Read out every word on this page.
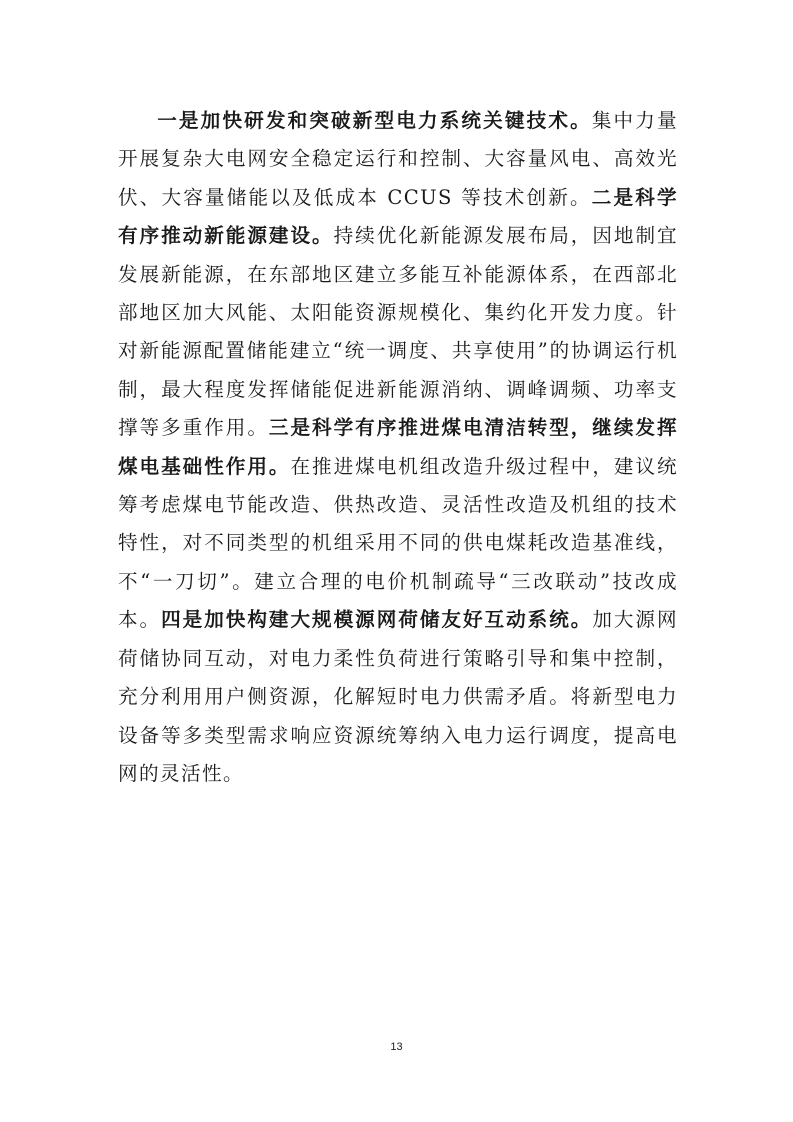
一是加快研发和突破新型电力系统关键技术。集中力量开展复杂大电网安全稳定运行和控制、大容量风电、高效光伏、大容量储能以及低成本 CCUS 等技术创新。二是科学有序推动新能源建设。持续优化新能源发展布局，因地制宜发展新能源，在东部地区建立多能互补能源体系，在西部北部地区加大风能、太阳能资源规模化、集约化开发力度。针对新能源配置储能建立“统一调度、共享使用”的协调运行机制，最大程度发挥储能促进新能源消纳、调峰调频、功率支撑等多重作用。三是科学有序推进煤电清洁转型，继续发挥煤电基础性作用。在推进煤电机组改造升级过程中，建议统筹考虑煤电节能改造、供热改造、灵活性改造及机组的技术特性，对不同类型的机组采用不同的供电煤耗改造基准线，不“一刀切”。建立合理的电价机制疏导“三改联动”技改成本。四是加快构建大规模源网荷储友好互动系统。加大源网荷储协同互动，对电力柔性负荷进行策略引导和集中控制，充分利用用户侧资源，化解短时电力供需矛盾。将新型电力设备等多类型需求响应资源统筹纳入电力运行调度，提高电网的灵活性。

13
